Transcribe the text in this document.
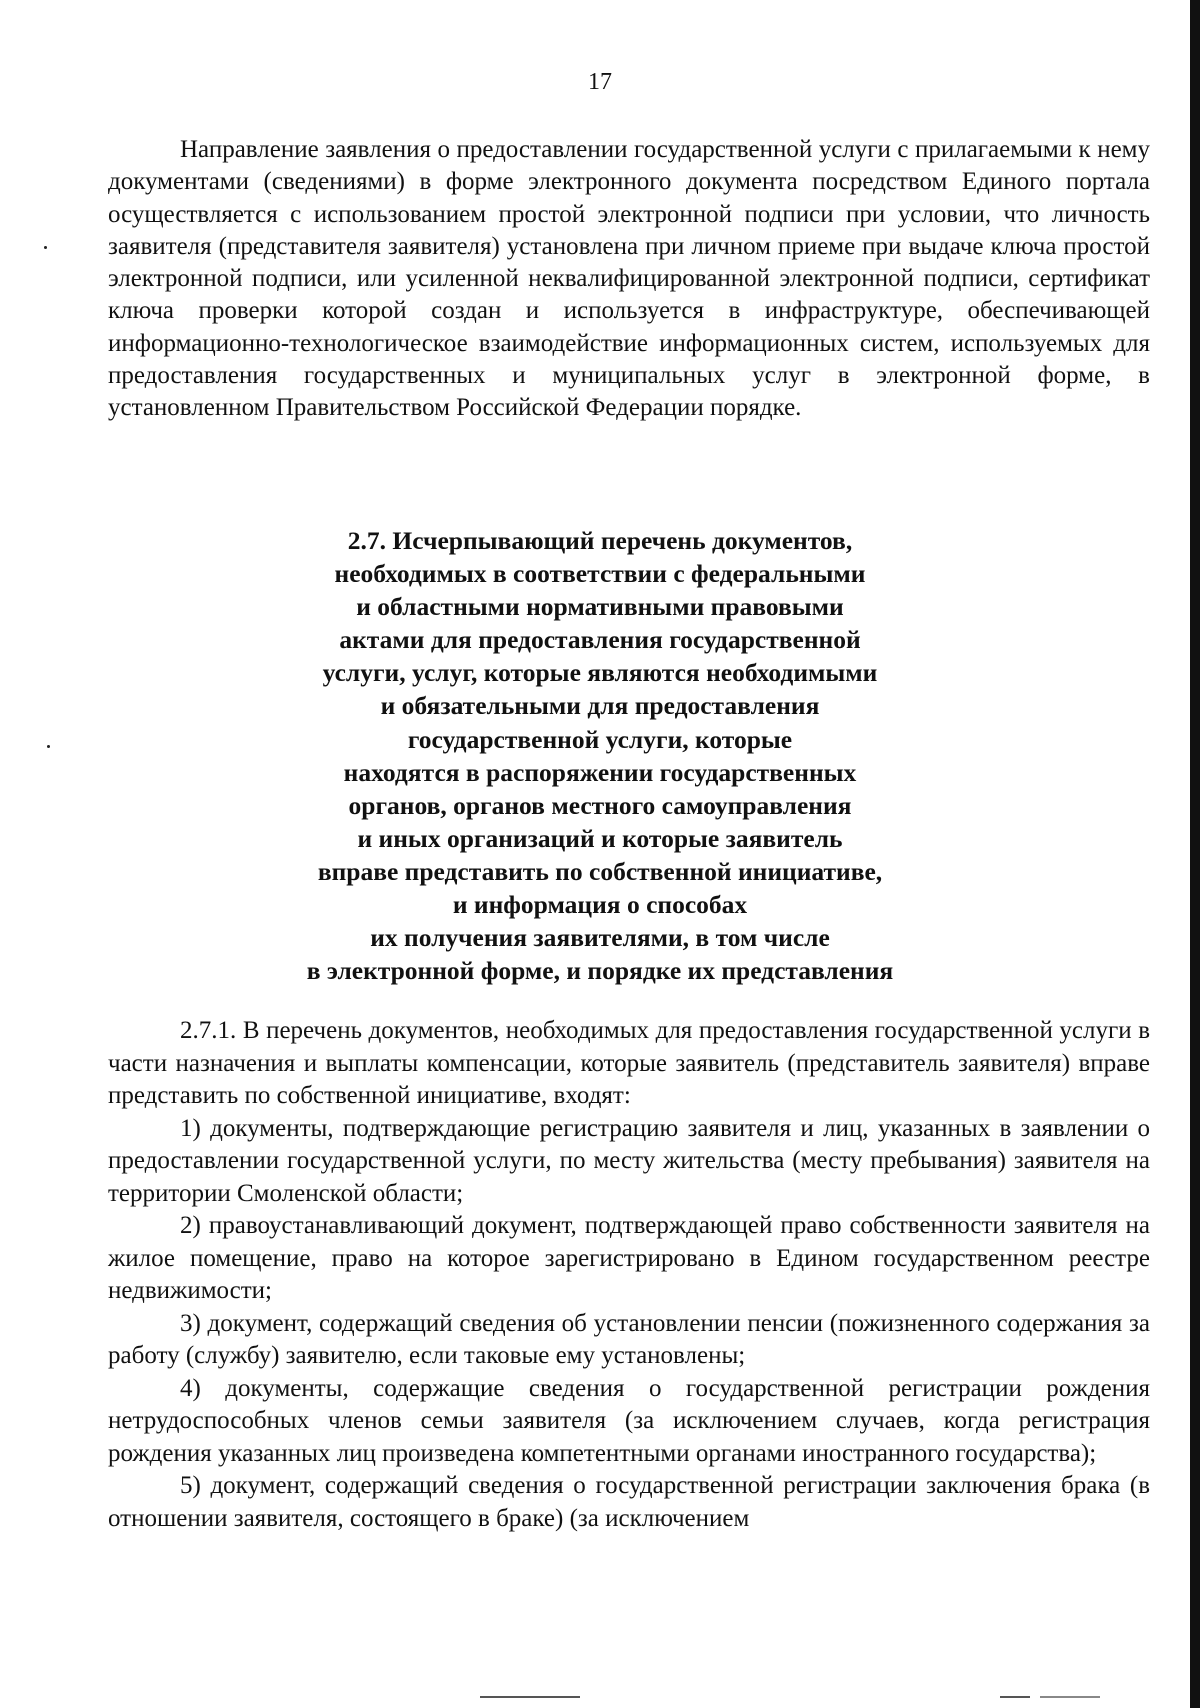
17

Направление заявления о предоставлении государственной услуги с прилагаемыми к нему документами (сведениями) в форме электронного документа посредством Единого портала осуществляется с использованием простой электронной подписи при условии, что личность заявителя (представителя заявителя) установлена при личном приеме при выдаче ключа простой электронной подписи, или усиленной неквалифицированной электронной подписи, сертификат ключа проверки которой создан и используется в инфраструктуре, обеспечивающей информационно-технологическое взаимодействие информационных систем, используемых для предоставления государственных и муниципальных услуг в электронной форме, в установленном Правительством Российской Федерации порядке.

2.7. Исчерпывающий перечень документов,
необходимых в соответствии с федеральными
и областными нормативными правовыми
актами для предоставления государственной
услуги, услуг, которые являются необходимыми
и обязательными для предоставления
государственной услуги, которые
находятся в распоряжении государственных
органов, органов местного самоуправления
и иных организаций и которые заявитель
вправе представить по собственной инициативе,
и информация о способах
их получения заявителями, в том числе
в электронной форме, и порядке их представления

2.7.1. В перечень документов, необходимых для предоставления государственной услуги в части назначения и выплаты компенсации, которые заявитель (представитель заявителя) вправе представить по собственной инициативе, входят:

1) документы, подтверждающие регистрацию заявителя и лиц, указанных в заявлении о предоставлении государственной услуги, по месту жительства (месту пребывания) заявителя на территории Смоленской области;

2) правоустанавливающий документ, подтверждающей право собственности заявителя на жилое помещение, право на которое зарегистрировано в Едином государственном реестре недвижимости;

3) документ, содержащий сведения об установлении пенсии (пожизненного содержания за работу (службу) заявителю, если таковые ему установлены;

4) документы, содержащие сведения о государственной регистрации рождения нетрудоспособных членов семьи заявителя (за исключением случаев, когда регистрация рождения указанных лиц произведена компетентными органами иностранного государства);

5) документ, содержащий сведения о государственной регистрации заключения брака (в отношении заявителя, состоящего в браке) (за исключением
